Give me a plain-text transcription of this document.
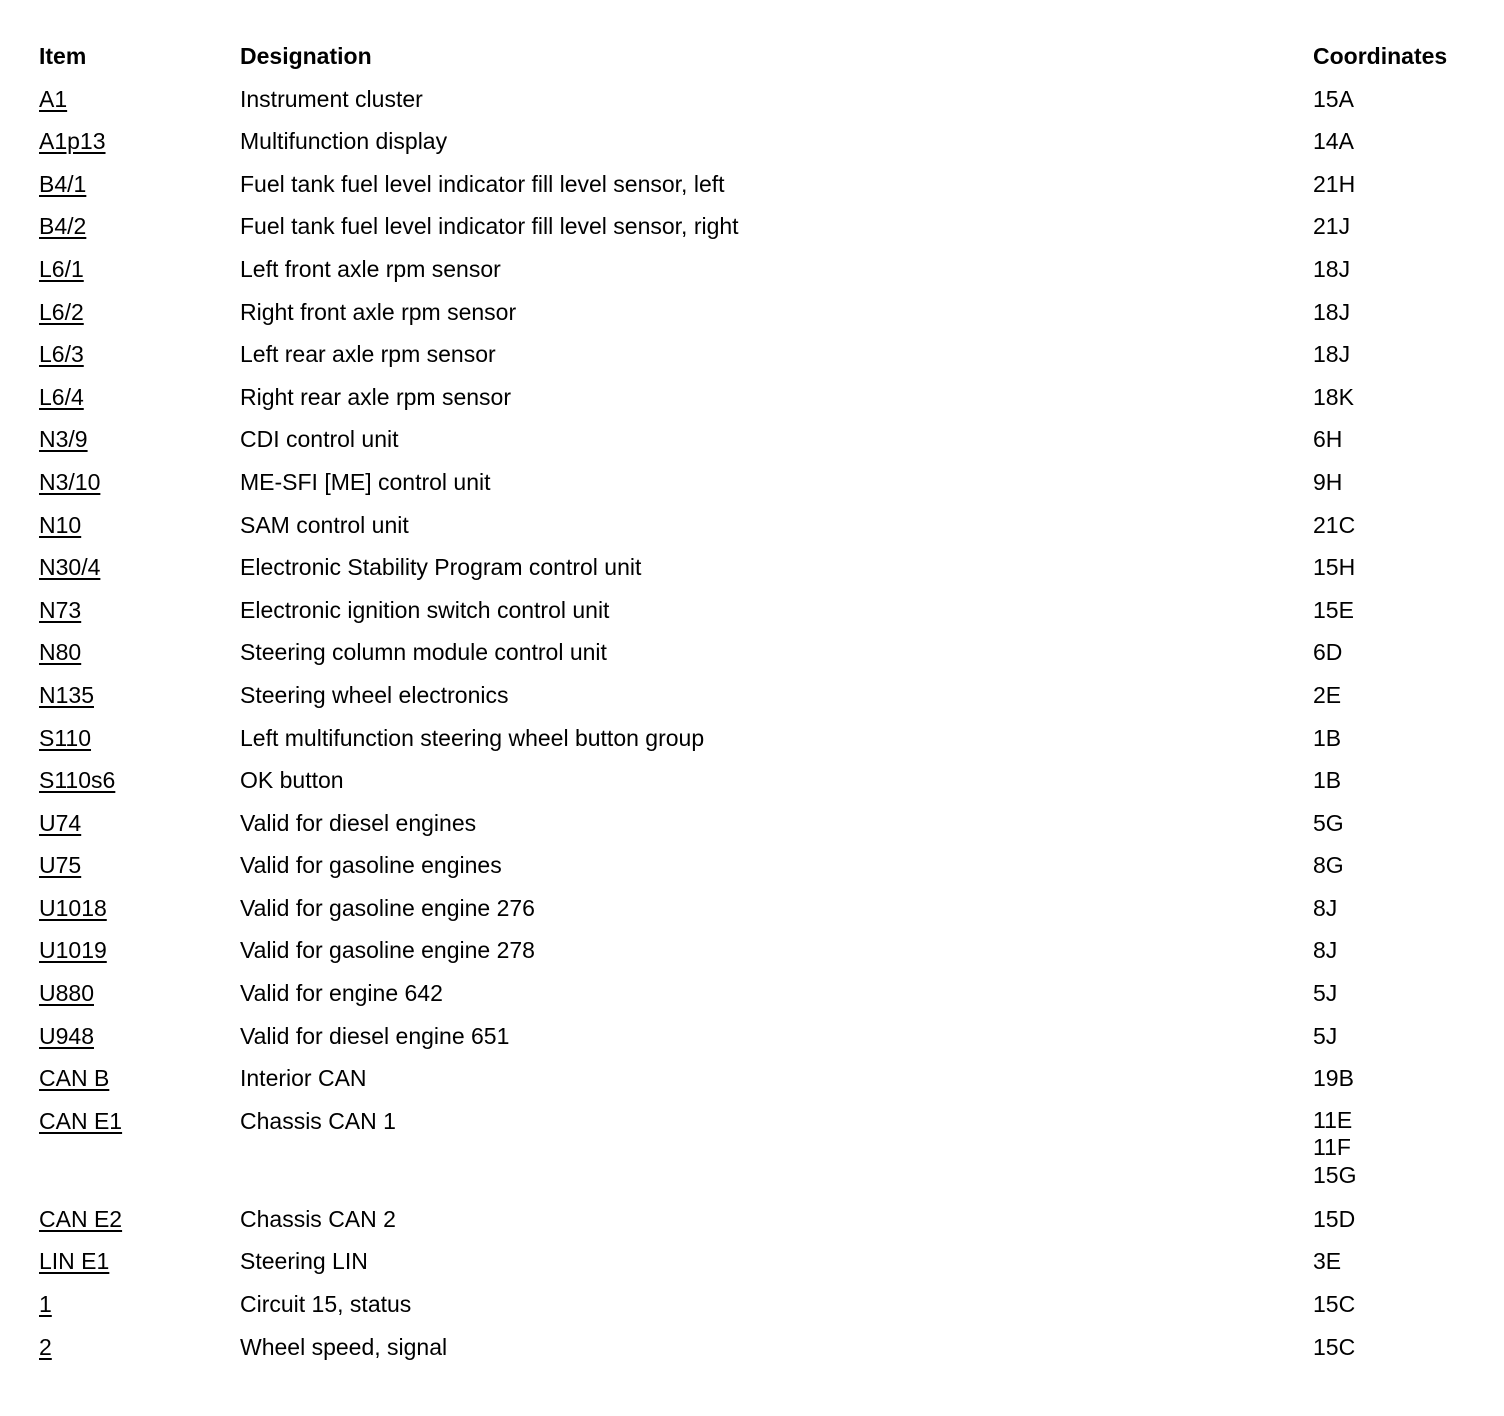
Item	Designation	Coordinates
A1	Instrument cluster	15A
A1p13	Multifunction display	14A
B4/1	Fuel tank fuel level indicator fill level sensor, left	21H
B4/2	Fuel tank fuel level indicator fill level sensor, right	21J
L6/1	Left front axle rpm sensor	18J
L6/2	Right front axle rpm sensor	18J
L6/3	Left rear axle rpm sensor	18J
L6/4	Right rear axle rpm sensor	18K
N3/9	CDI control unit	6H
N3/10	ME-SFI [ME] control unit	9H
N10	SAM control unit	21C
N30/4	Electronic Stability Program control unit	15H
N73	Electronic ignition switch control unit	15E
N80	Steering column module control unit	6D
N135	Steering wheel electronics	2E
S110	Left multifunction steering wheel button group	1B
S110s6	OK button	1B
U74	Valid for diesel engines	5G
U75	Valid for gasoline engines	8G
U1018	Valid for gasoline engine 276	8J
U1019	Valid for gasoline engine 278	8J
U880	Valid for engine 642	5J
U948	Valid for diesel engine 651	5J
CAN B	Interior CAN	19B
CAN E1	Chassis CAN 1	11E
11F
15G
CAN E2	Chassis CAN 2	15D
LIN E1	Steering LIN	3E
1	Circuit 15, status	15C
2	Wheel speed, signal	15C
